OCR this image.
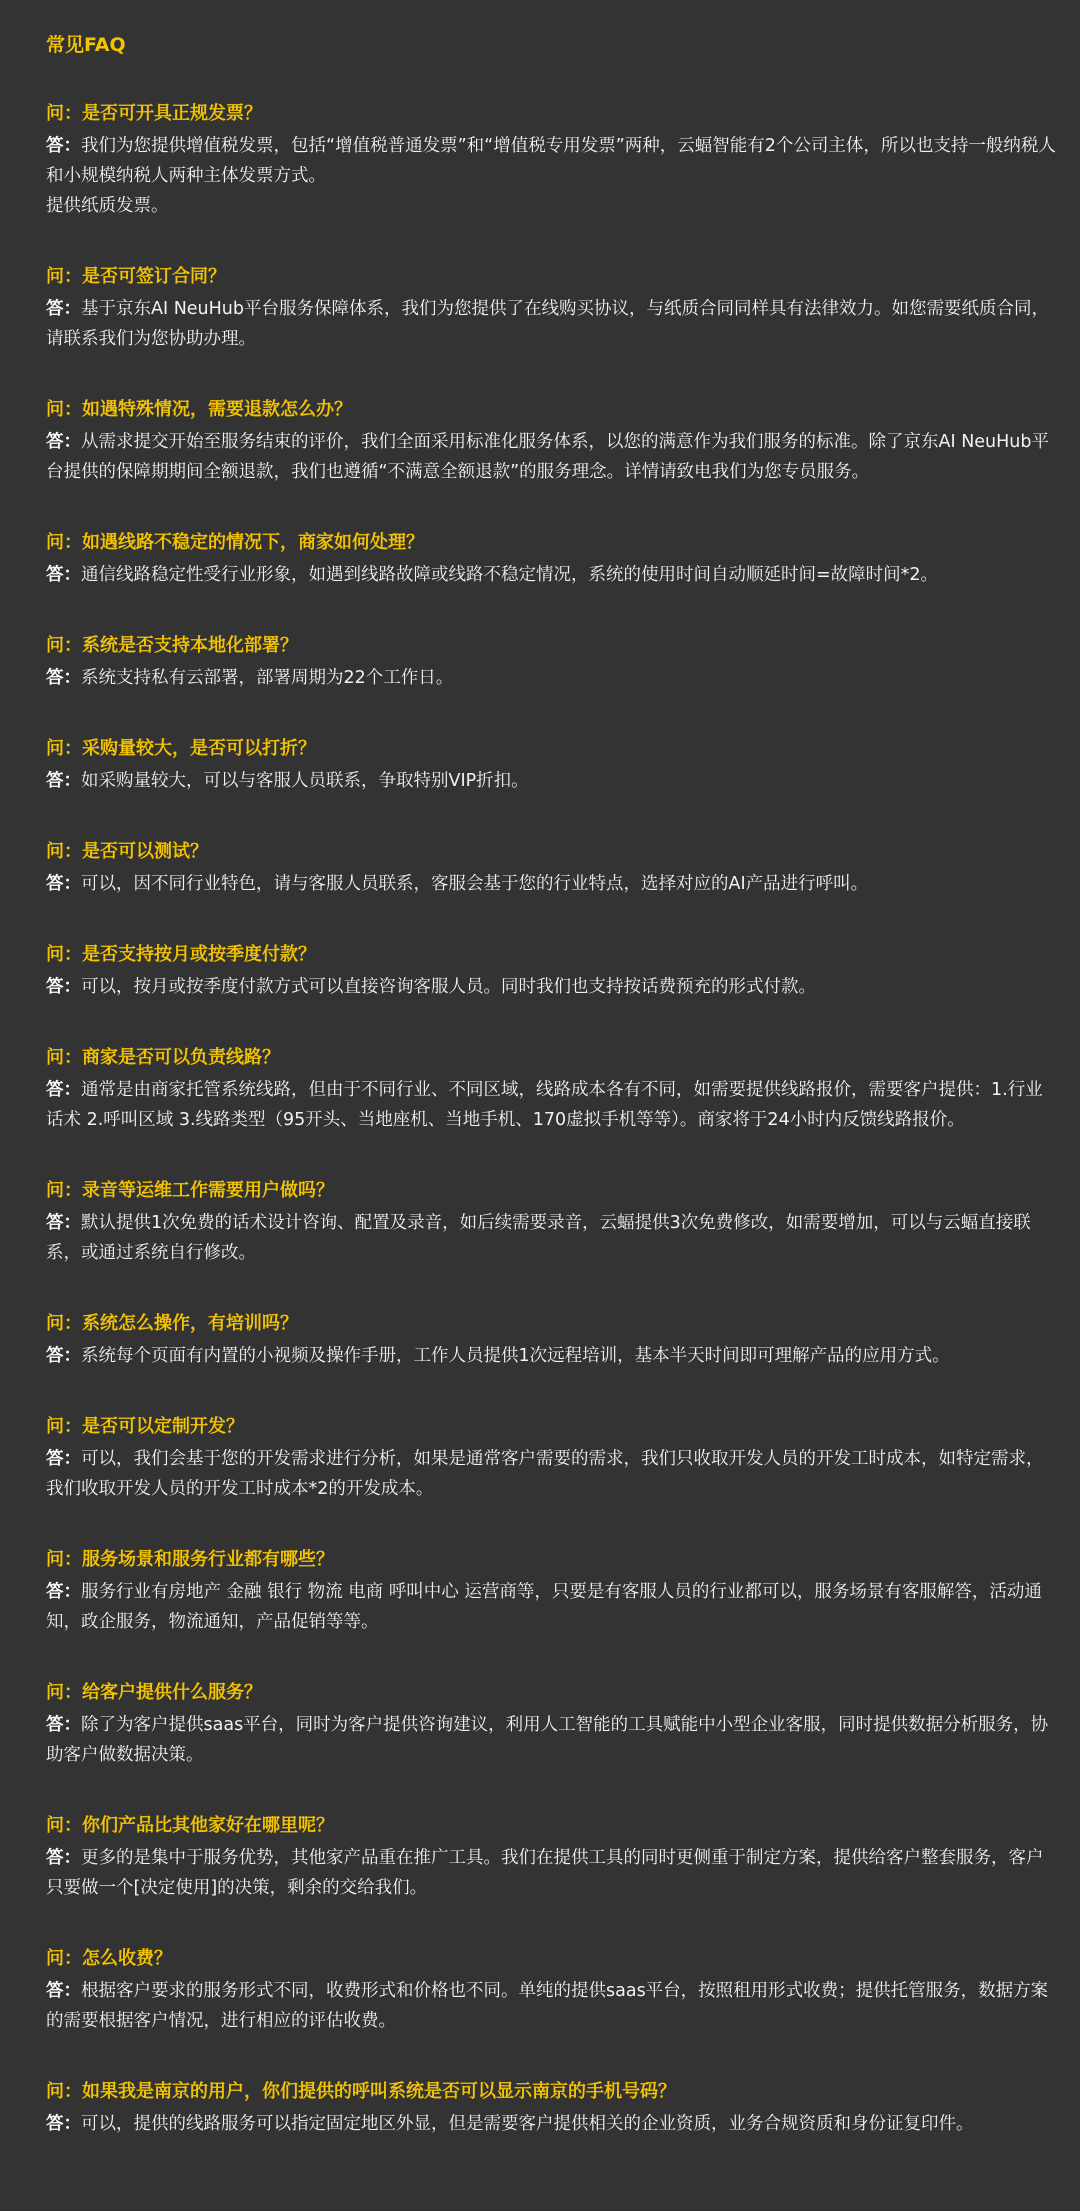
常见FAQ

问：是否可开具正规发票？

答：我们为您提供增值税发票，包括“增值税普通发票”和“增值税专用发票”两种，云蝠智能有2个公司主体，所以也支持一般纳税人和小规模纳税人两种主体发票方式。
提供纸质发票。

问：是否可签订合同？

答：基于京东AI NeuHub平台服务保障体系，我们为您提供了在线购买协议，与纸质合同同样具有法律效力。如您需要纸质合同，请联系我们为您协助办理。

问：如遇特殊情况，需要退款怎么办？

答：从需求提交开始至服务结束的评价，我们全面采用标准化服务体系，以您的满意作为我们服务的标准。除了京东AI NeuHub平台提供的保障期期间全额退款，我们也遵循“不满意全额退款”的服务理念。详情请致电我们为您专员服务。

问：如遇线路不稳定的情况下，商家如何处理？

答：通信线路稳定性受行业形象，如遇到线路故障或线路不稳定情况，系统的使用时间自动顺延时间=故障时间*2。

问：系统是否支持本地化部署？

答：系统支持私有云部署，部署周期为22个工作日。

问：采购量较大，是否可以打折？

答：如采购量较大，可以与客服人员联系，争取特别VIP折扣。

问：是否可以测试？

答：可以，因不同行业特色，请与客服人员联系，客服会基于您的行业特点，选择对应的AI产品进行呼叫。

问：是否支持按月或按季度付款？

答：可以，按月或按季度付款方式可以直接咨询客服人员。同时我们也支持按话费预充的形式付款。

问：商家是否可以负责线路？

答：通常是由商家托管系统线路，但由于不同行业、不同区域，线路成本各有不同，如需要提供线路报价，需要客户提供：1.行业话术 2.呼叫区域 3.线路类型（95开头、当地座机、当地手机、170虚拟手机等等）。商家将于24小时内反馈线路报价。

问：录音等运维工作需要用户做吗？

答：默认提供1次免费的话术设计咨询、配置及录音，如后续需要录音，云蝠提供3次免费修改，如需要增加，可以与云蝠直接联系，或通过系统自行修改。

问：系统怎么操作，有培训吗？

答：系统每个页面有内置的小视频及操作手册，工作人员提供1次远程培训，基本半天时间即可理解产品的应用方式。

问：是否可以定制开发？

答：可以，我们会基于您的开发需求进行分析，如果是通常客户需要的需求，我们只收取开发人员的开发工时成本，如特定需求，我们收取开发人员的开发工时成本*2的开发成本。

问：服务场景和服务行业都有哪些？

答：服务行业有房地产 金融 银行 物流 电商 呼叫中心 运营商等，只要是有客服人员的行业都可以，服务场景有客服解答，活动通知，政企服务，物流通知，产品促销等等。

问：给客户提供什么服务？

答：除了为客户提供saas平台，同时为客户提供咨询建议，利用人工智能的工具赋能中小型企业客服，同时提供数据分析服务，协助客户做数据决策。

问：你们产品比其他家好在哪里呢？

答：更多的是集中于服务优势，其他家产品重在推广工具。我们在提供工具的同时更侧重于制定方案，提供给客户整套服务，客户只要做一个[决定使用]的决策，剩余的交给我们。

问：怎么收费？

答：根据客户要求的服务形式不同，收费形式和价格也不同。单纯的提供saas平台，按照租用形式收费；提供托管服务，数据方案的需要根据客户情况，进行相应的评估收费。

问：如果我是南京的用户，你们提供的呼叫系统是否可以显示南京的手机号码？

答：可以，提供的线路服务可以指定固定地区外显，但是需要客户提供相关的企业资质，业务合规资质和身份证复印件。
